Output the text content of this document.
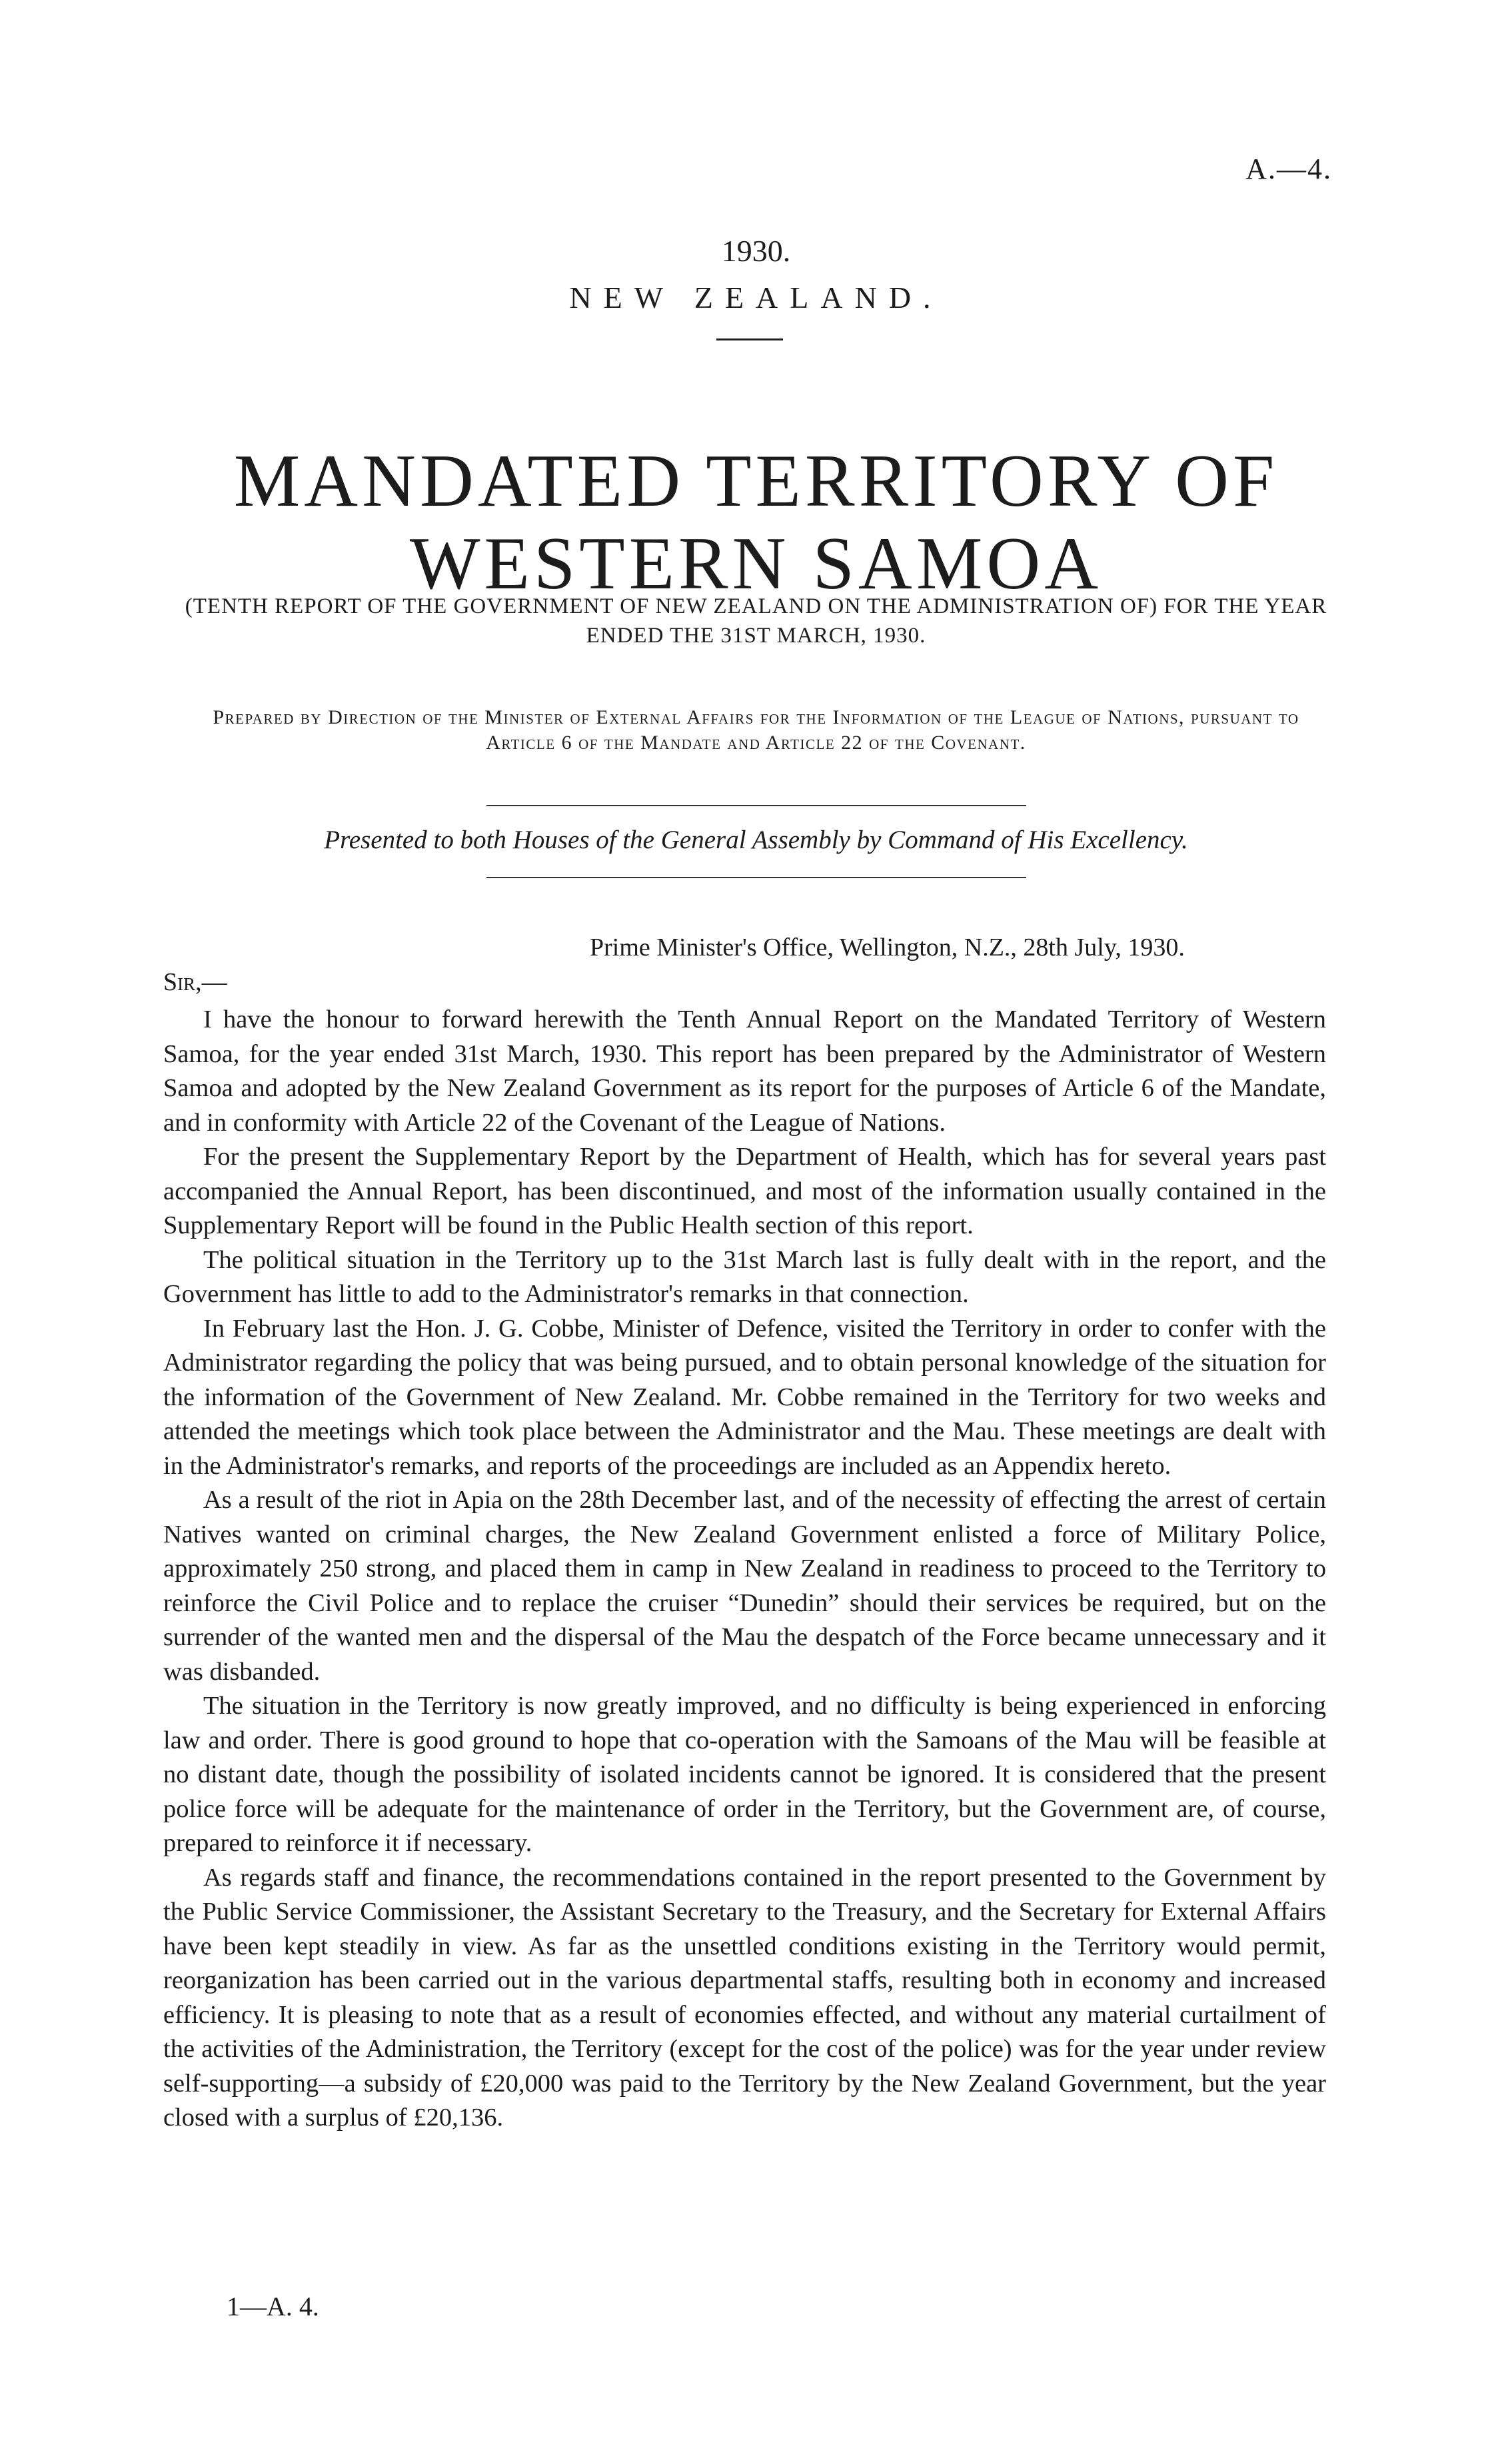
A.—4.
1930.
NEW ZEALAND.
MANDATED TERRITORY OF
WESTERN SAMOA
(TENTH REPORT OF THE GOVERNMENT OF NEW ZEALAND ON THE ADMINISTRATION OF) FOR THE YEAR ENDED THE 31ST MARCH, 1930.
Prepared by Direction of the Minister of External Affairs for the Information of the League of Nations, pursuant to Article 6 of the Mandate and Article 22 of the Covenant.
Presented to both Houses of the General Assembly by Command of His Excellency.
Prime Minister's Office, Wellington, N.Z., 28th July, 1930.
Sir,—

I have the honour to forward herewith the Tenth Annual Report on the Mandated Territory of Western Samoa, for the year ended 31st March, 1930. This report has been prepared by the Administrator of Western Samoa and adopted by the New Zealand Government as its report for the purposes of Article 6 of the Mandate, and in conformity with Article 22 of the Covenant of the League of Nations.

For the present the Supplementary Report by the Department of Health, which has for several years past accompanied the Annual Report, has been discontinued, and most of the information usually contained in the Supplementary Report will be found in the Public Health section of this report.

The political situation in the Territory up to the 31st March last is fully dealt with in the report, and the Government has little to add to the Administrator's remarks in that connection.

In February last the Hon. J. G. Cobbe, Minister of Defence, visited the Territory in order to confer with the Administrator regarding the policy that was being pursued, and to obtain personal knowledge of the situation for the information of the Government of New Zealand. Mr. Cobbe remained in the Territory for two weeks and attended the meetings which took place between the Administrator and the Mau. These meetings are dealt with in the Administrator's remarks, and reports of the proceedings are included as an Appendix hereto.

As a result of the riot in Apia on the 28th December last, and of the necessity of effecting the arrest of certain Natives wanted on criminal charges, the New Zealand Government enlisted a force of Military Police, approximately 250 strong, and placed them in camp in New Zealand in readiness to proceed to the Territory to reinforce the Civil Police and to replace the cruiser “Dunedin” should their services be required, but on the surrender of the wanted men and the dispersal of the Mau the despatch of the Force became unnecessary and it was disbanded.

The situation in the Territory is now greatly improved, and no difficulty is being experienced in enforcing law and order. There is good ground to hope that co-operation with the Samoans of the Mau will be feasible at no distant date, though the possibility of isolated incidents cannot be ignored. It is considered that the present police force will be adequate for the maintenance of order in the Territory, but the Government are, of course, prepared to reinforce it if necessary.

As regards staff and finance, the recommendations contained in the report presented to the Government by the Public Service Commissioner, the Assistant Secretary to the Treasury, and the Secretary for External Affairs have been kept steadily in view. As far as the unsettled conditions existing in the Territory would permit, reorganization has been carried out in the various departmental staffs, resulting both in economy and increased efficiency. It is pleasing to note that as a result of economies effected, and without any material curtailment of the activities of the Administration, the Territory (except for the cost of the police) was for the year under review self-supporting—a subsidy of £20,000 was paid to the Territory by the New Zealand Government, but the year closed with a surplus of £20,136.

1—A. 4.
